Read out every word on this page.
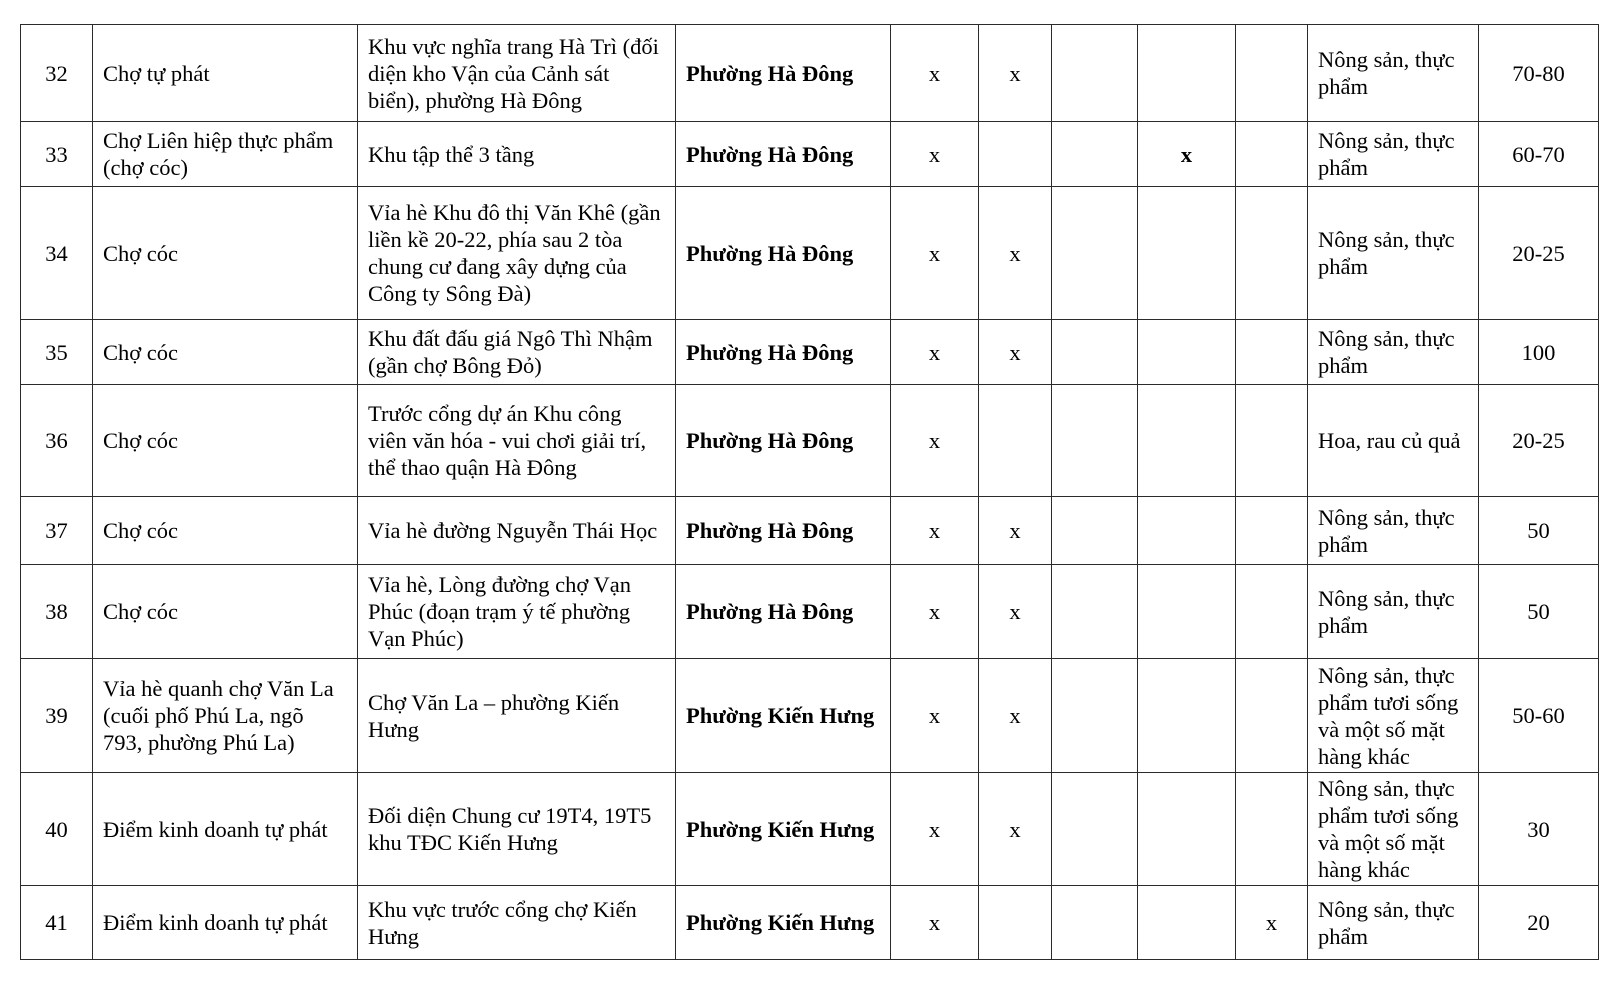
32	Chợ tự phát	Khu vực nghĩa trang Hà Trì (đối diện kho Vận của Cảnh sát biển), phường Hà Đông	Phường Hà Đông	x	x				Nông sản, thực phẩm	70-80
33	Chợ Liên hiệp thực phẩm (chợ cóc)	Khu tập thể 3 tầng	Phường Hà Đông	x			x		Nông sản, thực phẩm	60-70
34	Chợ cóc	Vỉa hè Khu đô thị Văn Khê (gần liền kề 20-22, phía sau 2 tòa chung cư đang xây dựng của Công ty Sông Đà)	Phường Hà Đông	x	x				Nông sản, thực phẩm	20-25
35	Chợ cóc	Khu đất đấu giá Ngô Thì Nhậm (gần chợ Bông Đỏ)	Phường Hà Đông	x	x				Nông sản, thực phẩm	100
36	Chợ cóc	Trước cổng dự án Khu công viên văn hóa - vui chơi giải trí, thể thao quận Hà Đông	Phường Hà Đông	x					Hoa, rau củ quả	20-25
37	Chợ cóc	Vỉa hè đường Nguyễn Thái Học	Phường Hà Đông	x	x				Nông sản, thực phẩm	50
38	Chợ cóc	Vỉa hè, Lòng đường chợ Vạn Phúc (đoạn trạm ý tế phường Vạn Phúc)	Phường Hà Đông	x	x				Nông sản, thực phẩm	50
39	Vỉa hè quanh chợ Văn La (cuối phố Phú La, ngõ 793, phường Phú La)	Chợ Văn La – phường Kiến Hưng	Phường Kiến Hưng	x	x				Nông sản, thực phẩm tươi sống và một số mặt hàng khác	50-60
40	Điểm kinh doanh tự phát	Đối diện Chung cư 19T4, 19T5 khu TĐC Kiến Hưng	Phường Kiến Hưng	x	x				Nông sản, thực phẩm tươi sống và một số mặt hàng khác	30
41	Điểm kinh doanh tự phát	Khu vực trước cổng chợ Kiến Hưng	Phường Kiến Hưng	x				x	Nông sản, thực phẩm	20
